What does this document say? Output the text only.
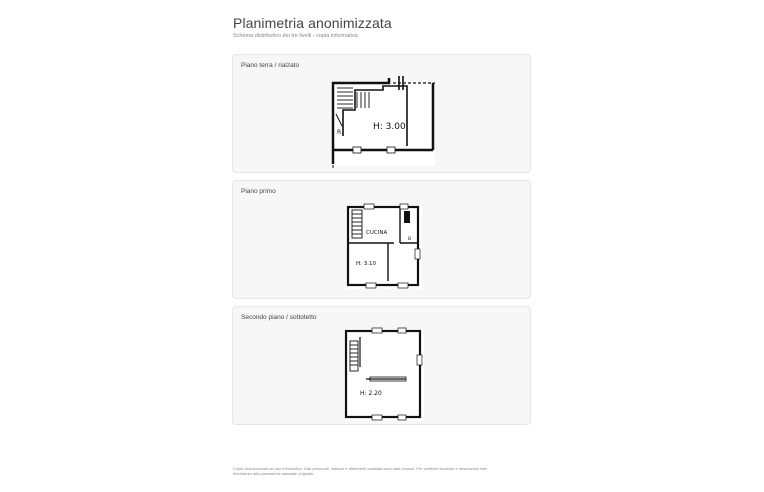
Planimetria anonimizzata
Schema distributivo dei tre livelli - copia informativa
Piano terra / rialzato
R
H: 3.00
Piano primo
CUCINA
B
H: 3.10
Secondo piano / sottotetto
H: 2.20
Copia anonimizzata ad uso informativo. Dati personali, indirizzi e riferimenti catastali sono stati rimossi. Per verifiche tecniche e misurazioni fare
riferimento alla planimetria catastale originale.
